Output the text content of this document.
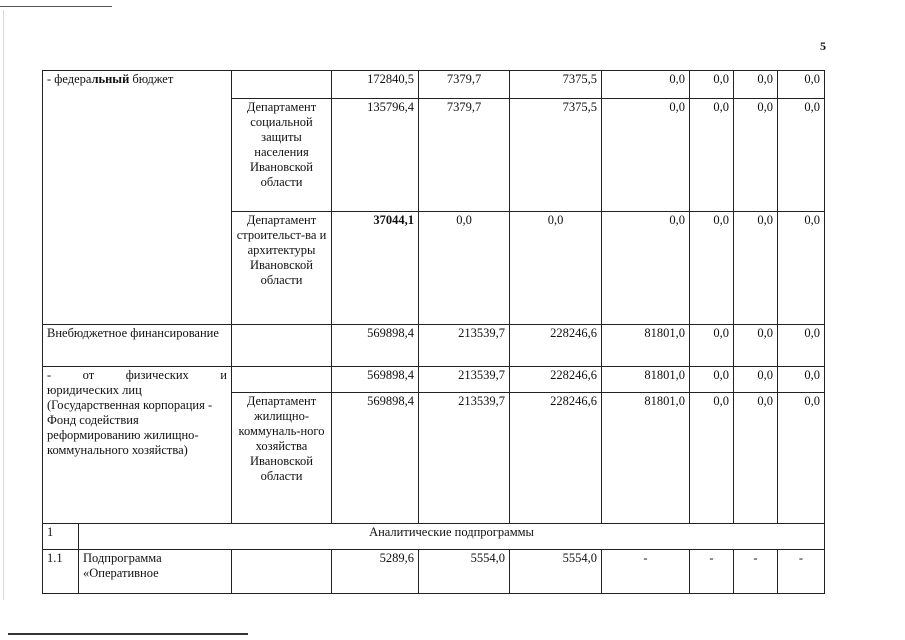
5
- федеральный бюджет			172840,5	7379,7	7375,5	0,0	0,0	0,0	0,0
		Департамент социальной защиты населения Ивановской области	135796,4	7379,7	7375,5	0,0	0,0	0,0	0,0
		Департамент строительст-ва и архитектуры Ивановской области	37044,1	0,0	0,0	0,0	0,0	0,0	0,0
Внебюджетное финансирование			569898,4	213539,7	228246,6	81801,0	0,0	0,0	0,0

- от физических и
юридических лиц (Государственная корпорация - Фонд содействия реформированию жилищно-коммунального хозяйства)			569898,4	213539,7	228246,6	81801,0	0,0	0,0	0,0
		Департамент жилищно-коммуналь-ного хозяйства Ивановской области	569898,4	213539,7	228246,6	81801,0	0,0	0,0	0,0
1	Аналитические подпрограммы								
1.1	Подпрограмма «Оперативное		5289,6	5554,0	5554,0	-	-	-	-
